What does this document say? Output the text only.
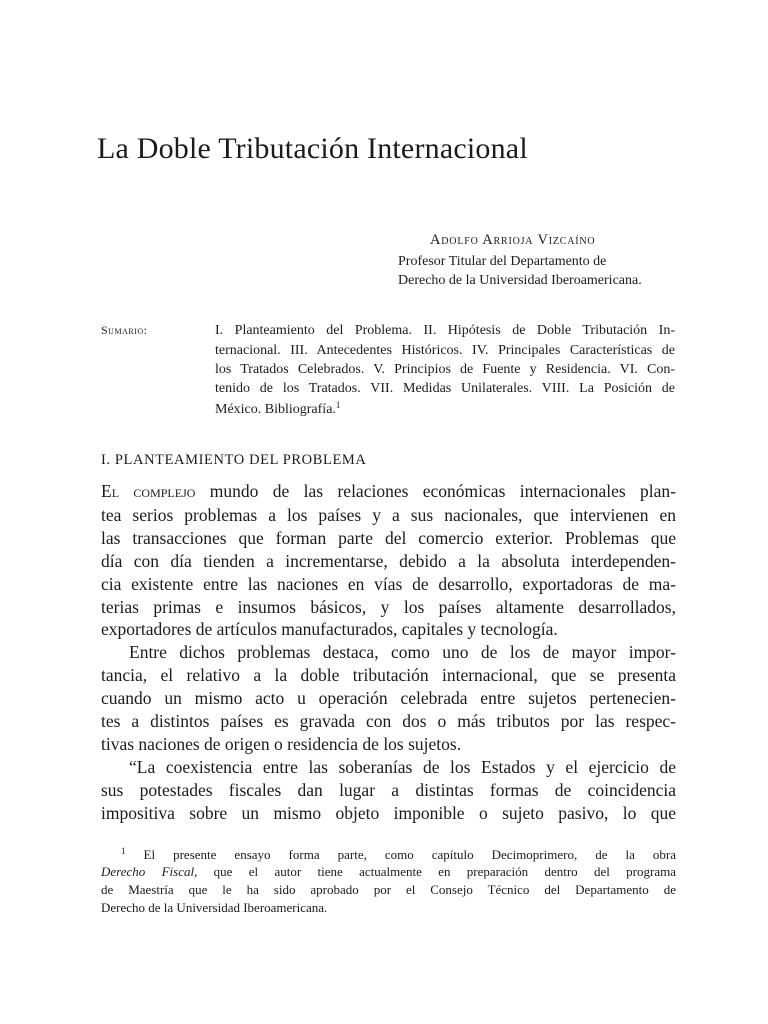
La Doble Tributación Internacional
Adolfo Arrioja Vizcaíno
Profesor Titular del Departamento de
Derecho de la Universidad Iberoamericana.
Sumario:	I. Planteamiento del Problema. II. Hipótesis de Doble Tributación In-
ternacional. III. Antecedentes Históricos. IV. Principales Características de
los Tratados Celebrados. V. Principios de Fuente y Residencia. VI. Con-
tenido de los Tratados. VII. Medidas Unilaterales. VIII. La Posición de
México. Bibliografía.$^1$
I. PLANTEAMIENTO DEL PROBLEMA
El complejo mundo de las relaciones económicas internacionales plan-
tea serios problemas a los países y a sus nacionales, que intervienen en
las transacciones que forman parte del comercio exterior. Problemas que
día con día tienden a incrementarse, debido a la absoluta interdependen-
cia existente entre las naciones en vías de desarrollo, exportadoras de ma-
terias primas e insumos básicos, y los países altamente desarrollados,
exportadores de artículos manufacturados, capitales y tecnología.
Entre dichos problemas destaca, como uno de los de mayor impor-
tancia, el relativo a la doble tributación internacional, que se presenta
cuando un mismo acto u operación celebrada entre sujetos pertenecien-
tes a distintos países es gravada con dos o más tributos por las respec-
tivas naciones de origen o residencia de los sujetos.
“La coexistencia entre las soberanías de los Estados y el ejercicio de
sus potestades fiscales dan lugar a distintas formas de coincidencia
impositiva sobre un mismo objeto imponible o sujeto pasivo, lo que
$^1$ El presente ensayo forma parte, como capítulo Decimoprimero, de la obra
Derecho Fiscal, que el autor tiene actualmente en preparación dentro del programa
de Maestría que le ha sido aprobado por el Consejo Técnico del Departamento de
Derecho de la Universidad Iberoamericana.
